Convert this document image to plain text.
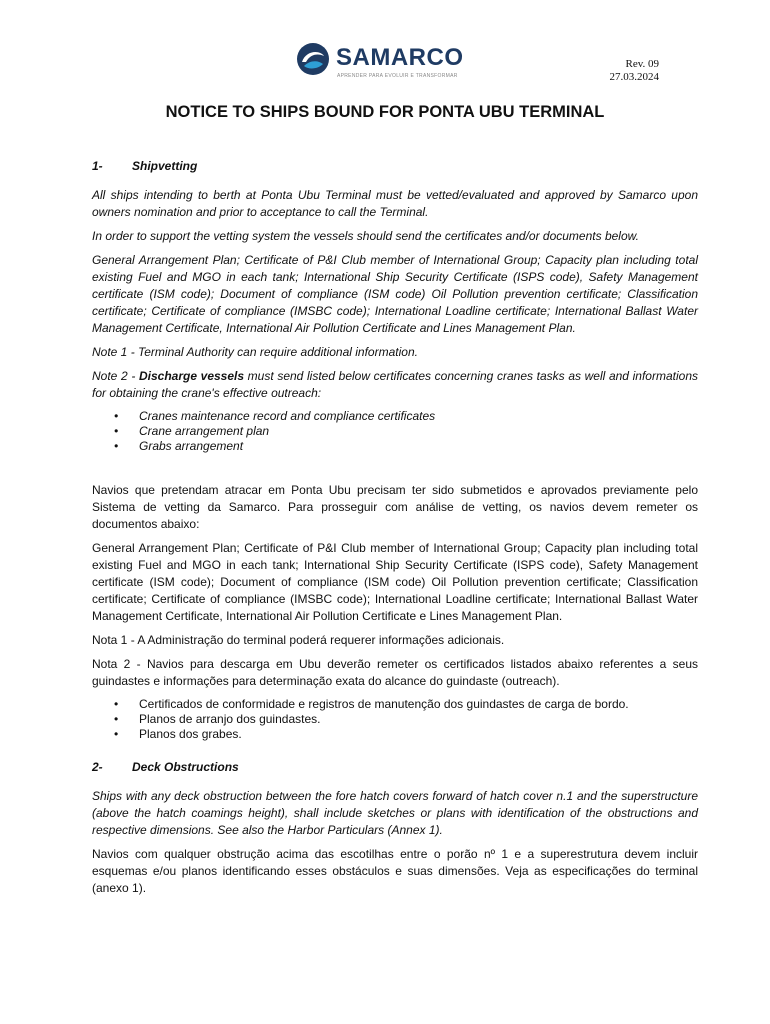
SAMARCO
APRENDER PARA EVOLUIR E TRANSFORMAR
Rev. 09
27.03.2024
NOTICE TO SHIPS BOUND FOR PONTA UBU TERMINAL
1- Shipvetting

All ships intending to berth at Ponta Ubu Terminal must be vetted/evaluated and approved by Samarco upon owners nomination and prior to acceptance to call the Terminal.

In order to support the vetting system the vessels should send the certificates and/or documents below.

General Arrangement Plan; Certificate of P&I Club member of International Group; Capacity plan including total existing Fuel and MGO in each tank; International Ship Security Certificate (ISPS code), Safety Management certificate (ISM code); Document of compliance (ISM code) Oil Pollution prevention certificate; Classification certificate; Certificate of compliance (IMSBC code); International Loadline certificate; International Ballast Water Management Certificate, International Air Pollution Certificate and Lines Management Plan.

Note 1 - Terminal Authority can require additional information.

Note 2 - Discharge vessels must send listed below certificates concerning cranes tasks as well and informations for obtaining the crane's effective outreach:

• Cranes maintenance record and compliance certificates
• Crane arrangement plan
• Grabs arrangement

Navios que pretendam atracar em Ponta Ubu precisam ter sido submetidos e aprovados previamente pelo Sistema de vetting da Samarco. Para prosseguir com análise de vetting, os navios devem remeter os documentos abaixo:

General Arrangement Plan; Certificate of P&I Club member of International Group; Capacity plan including total existing Fuel and MGO in each tank; International Ship Security Certificate (ISPS code), Safety Management certificate (ISM code); Document of compliance (ISM code) Oil Pollution prevention certificate; Classification certificate; Certificate of compliance (IMSBC code); International Loadline certificate; International Ballast Water Management Certificate, International Air Pollution Certificate e Lines Management Plan.

Nota 1 - A Administração do terminal poderá requerer informações adicionais.

Nota 2 - Navios para descarga em Ubu deverão remeter os certificados listados abaixo referentes a seus guindastes e informações para determinação exata do alcance do guindaste (outreach).

• Certificados de conformidade e registros de manutenção dos guindastes de carga de bordo.
• Planos de arranjo dos guindastes.
• Planos dos grabes.
2- Deck Obstructions

Ships with any deck obstruction between the fore hatch covers forward of hatch cover n.1 and the superstructure (above the hatch coamings height), shall include sketches or plans with identification of the obstructions and respective dimensions. See also the Harbor Particulars (Annex 1).

Navios com qualquer obstrução acima das escotilhas entre o porão nº 1 e a superestrutura devem incluir esquemas e/ou planos identificando esses obstáculos e suas dimensões. Veja as especificações do terminal (anexo 1).
